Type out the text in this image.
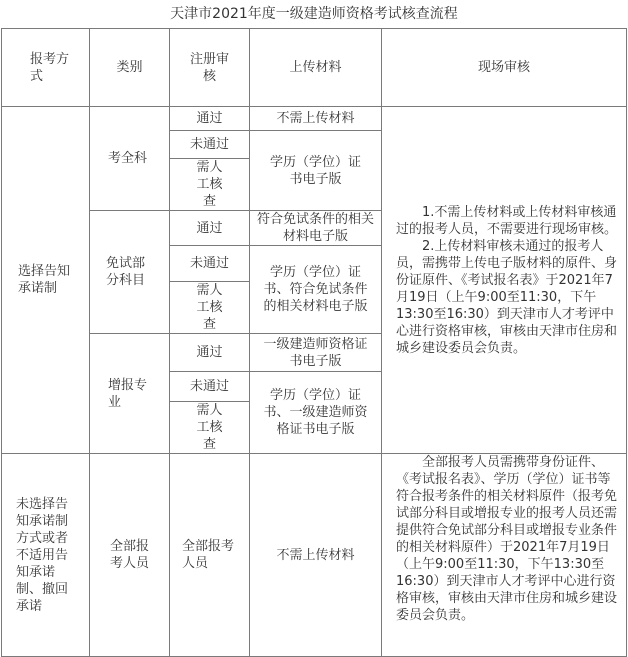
天津市2021年度一级建造师资格考试核查流程
报考方式	类别	注册审核	上传材料	现场审核
选择告知承诺制	考全科	通过	不需上传材料	1.不需上传材料或上传材料审核通过的报考人员，不需要进行现场审核。
2.上传材料审核未通过的报考人员，需携带上传电子版材料的原件、身份证原件、《考试报名表》于2021年7月19日（上午9:00至11:30，下午13:30至16:30）到天津市人才考评中心进行资格审核，审核由天津市住房和城乡建设委员会负责。

		未通过	学历（学位）证书电子版	
		需人工核查		
	免试部分科目	通过	符合免试条件的相关材料电子版	
		未通过	学历（学位）证书、符合免试条件的相关材料电子版	
		需人工核查		
	增报专业	通过	一级建造师资格证书电子版	
		未通过	学历（学位）证书、一级建造师资格证书电子版	
		需人工核查		
未选择告知承诺制方式或者不适用告知承诺制、撤回承诺	全部报考人员	全部报考人员	不需上传材料	全部报考人员需携带身份证件、《考试报名表》、学历（学位）证书等符合报考条件的相关材料原件（报考免试部分科目或增报专业的报考人员还需提供符合免试部分科目或增报专业条件的相关材料原件）于2021年7月19日（上午9:00至11:30，下午13:30至16:30）到天津市人才考评中心进行资格审核，审核由天津市住房和城乡建设委员会负责。
